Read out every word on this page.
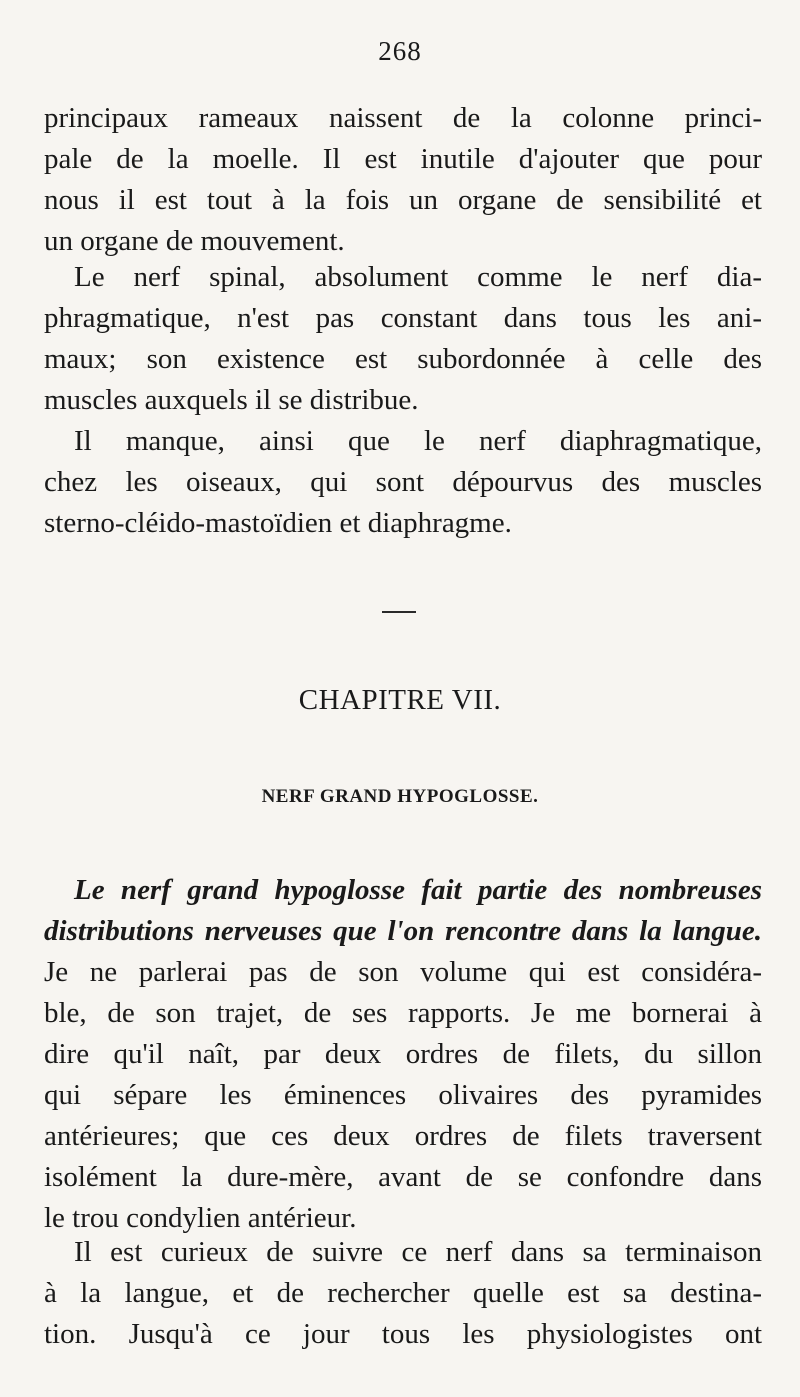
268
principaux rameaux naissent de la colonne princi-
pale de la moelle. Il est inutile d'ajouter que pour
nous il est tout à la fois un organe de sensibilité et
un organe de mouvement.
Le nerf spinal, absolument comme le nerf dia-
phragmatique, n'est pas constant dans tous les ani-
maux; son existence est subordonnée à celle des
muscles auxquels il se distribue.
Il manque, ainsi que le nerf diaphragmatique,
chez les oiseaux, qui sont dépourvus des muscles
sterno-cléido-mastoïdien et diaphragme.
CHAPITRE VII.
NERF GRAND HYPOGLOSSE.
Le nerf grand hypoglosse fait partie des nombreuses
distributions nerveuses que l'on rencontre dans la langue.
Je ne parlerai pas de son volume qui est considéra-
ble, de son trajet, de ses rapports. Je me bornerai à
dire qu'il naît, par deux ordres de filets, du sillon
qui sépare les éminences olivaires des pyramides
antérieures; que ces deux ordres de filets traversent
isolément la dure-mère, avant de se confondre dans
le trou condylien antérieur.
Il est curieux de suivre ce nerf dans sa terminaison
à la langue, et de rechercher quelle est sa destina-
tion. Jusqu'à ce jour tous les physiologistes ont
